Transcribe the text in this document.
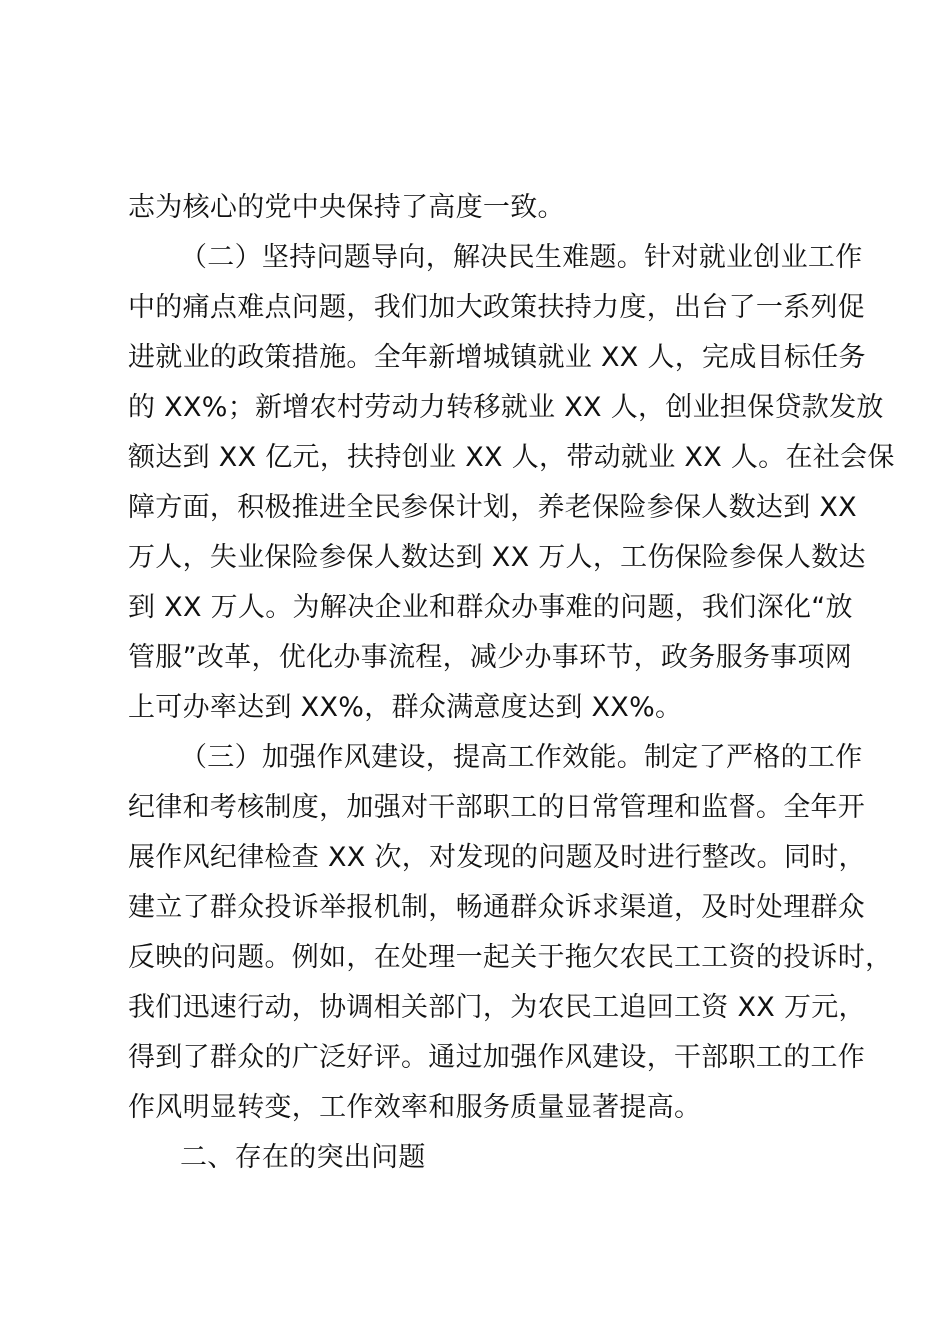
志为核心的党中央保持了高度一致。
（二）坚持问题导向，解决民生难题。针对就业创业工作
中的痛点难点问题，我们加大政策扶持力度，出台了一系列促
进就业的政策措施。全年新增城镇就业 XX 人，完成目标任务
的 XX%；新增农村劳动力转移就业 XX 人，创业担保贷款发放
额达到 XX 亿元，扶持创业 XX 人，带动就业 XX 人。在社会保
障方面，积极推进全民参保计划，养老保险参保人数达到 XX
万人，失业保险参保人数达到 XX 万人，工伤保险参保人数达
到 XX 万人。为解决企业和群众办事难的问题，我们深化“放
管服”改革，优化办事流程，减少办事环节，政务服务事项网
上可办率达到 XX%，群众满意度达到 XX%。
（三）加强作风建设，提高工作效能。制定了严格的工作
纪律和考核制度，加强对干部职工的日常管理和监督。全年开
展作风纪律检查 XX 次，对发现的问题及时进行整改。同时，
建立了群众投诉举报机制，畅通群众诉求渠道，及时处理群众
反映的问题。例如，在处理一起关于拖欠农民工工资的投诉时，
我们迅速行动，协调相关部门，为农民工追回工资 XX 万元，
得到了群众的广泛好评。通过加强作风建设，干部职工的工作
作风明显转变，工作效率和服务质量显著提高。
二、存在的突出问题
